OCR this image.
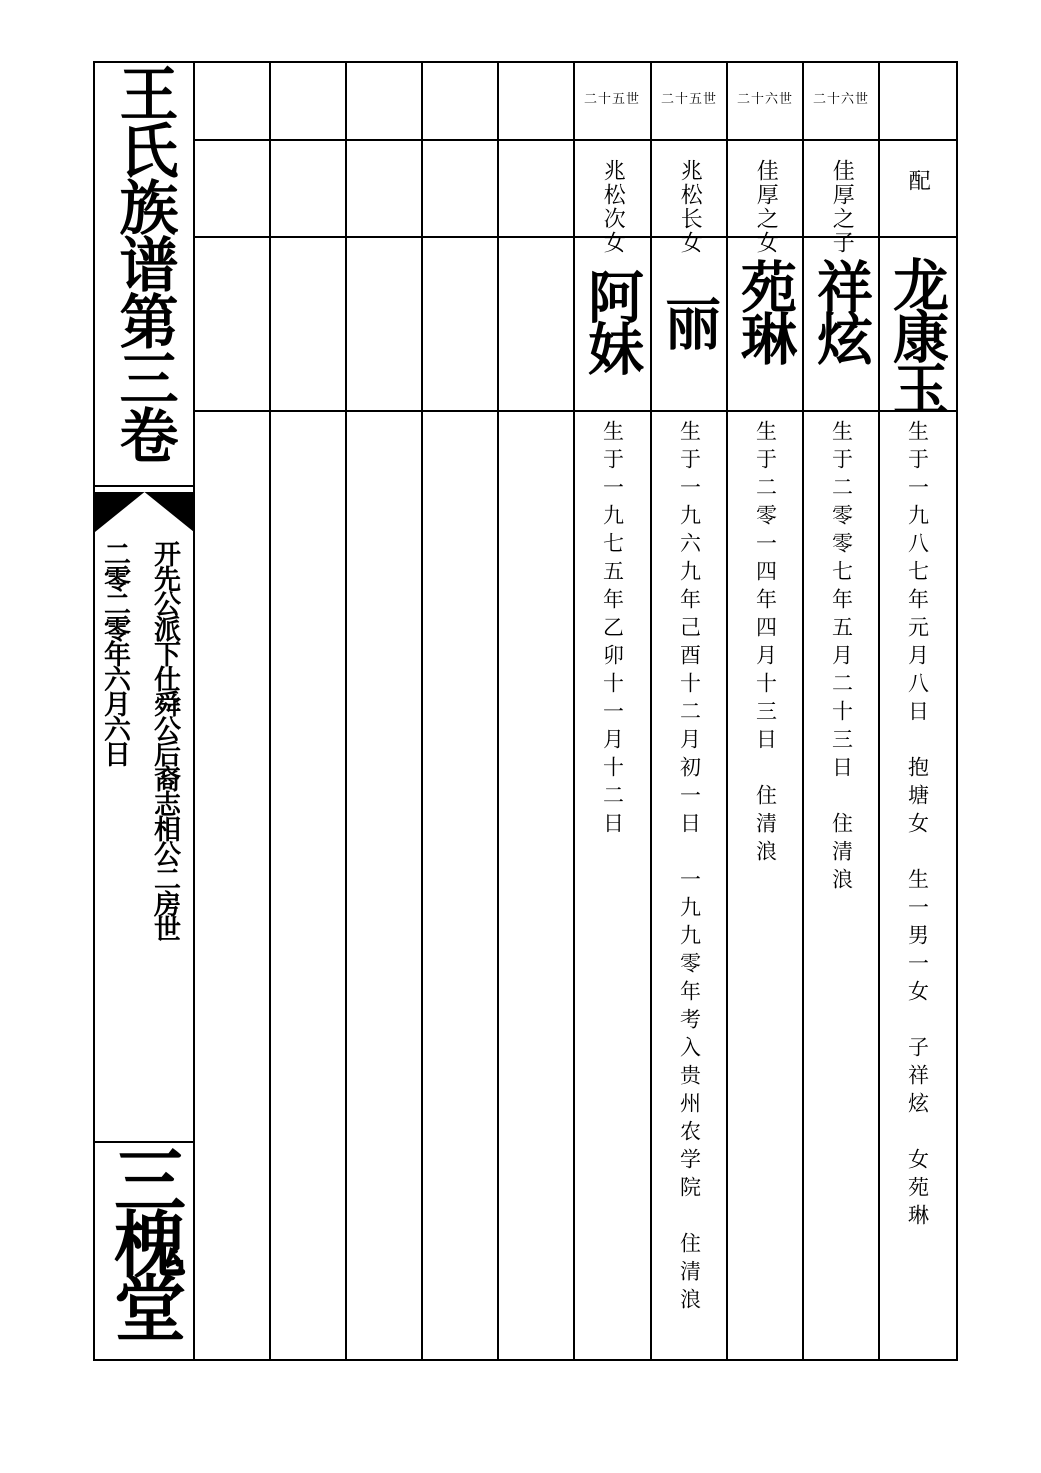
王氏族谱第三卷
开先公派下仕舜公后裔志相公二房世
二零二零年六月六日
三槐堂
配
龙康玉
生于一九八七年元月八日　抱塘女　生一男一女　子祥炫　女苑琳
二十六世
佳厚之子
祥炫
生于二零零七年五月二十三日　住清浪
二十六世
佳厚之女
苑琳
生于二零一四年四月十三日　住清浪
二十五世
兆松长女
丽
生于一九六九年己酉十二月初一日　一九九零年考入贵州农学院　住清浪
二十五世
兆松次女
阿妹
生于一九七五年乙卯十一月十二日
